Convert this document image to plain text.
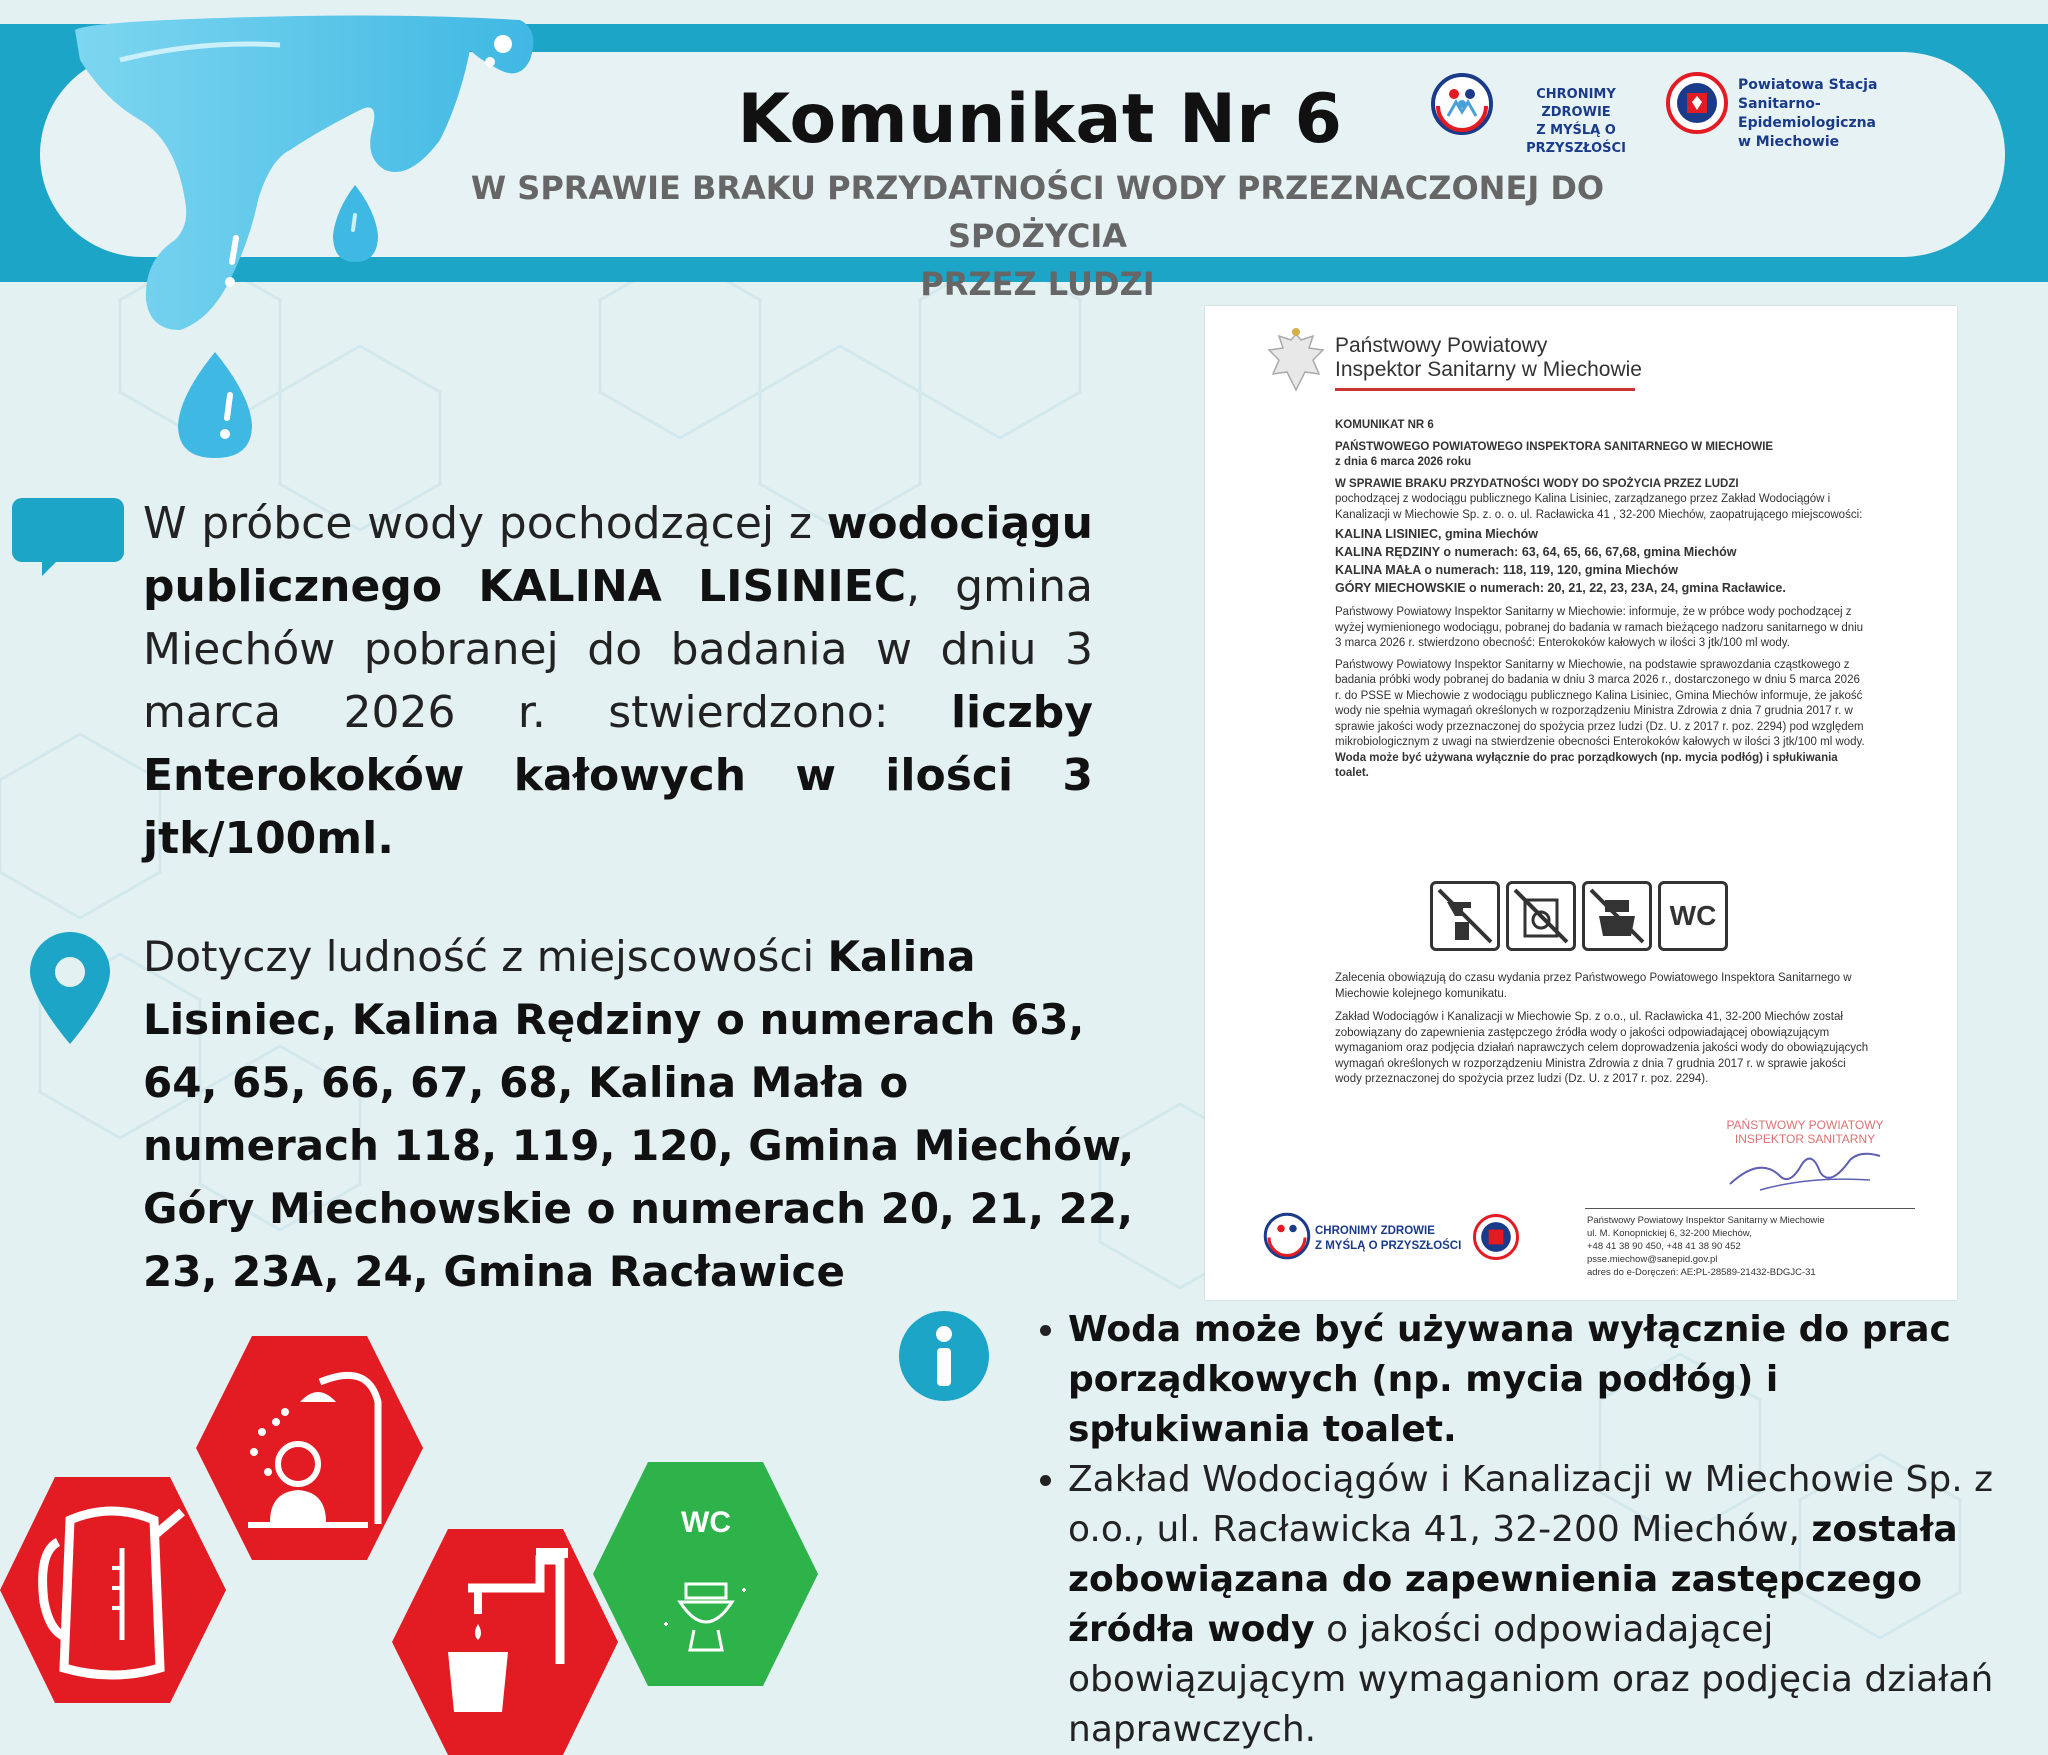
Komunikat Nr 6
W SPRAWIE BRAKU PRZYDATNOŚCI WODY PRZEZNACZONEJ DO SPOŻYCIA
PRZEZ LUDZI
CHRONIMY ZDROWIE
Z MYŚLĄ O PRZYSZŁOŚCI
Powiatowa Stacja
Sanitarno-Epidemiologiczna
w Miechowie
W próbce wody pochodzącej z wodociągu publicznego KALINA LISINIEC, gmina Miechów pobranej do badania w dniu 3 marca 2026 r. stwierdzono: liczby Enterokoków kałowych w ilości 3 jtk/100ml.
Dotyczy ludność z miejscowości Kalina Lisiniec, Kalina Rędziny o numerach 63, 64, 65, 66, 67, 68, Kalina Mała o numerach 118, 119, 120, Gmina Miechów, Góry Miechowskie o numerach 20, 21, 22, 23, 23A, 24, Gmina Racławice
Państwowy Powiatowy
Inspektor Sanitarny w Miechowie

KOMUNIKAT NR 6

PAŃSTWOWEGO POWIATOWEGO INSPEKTORA SANITARNEGO W MIECHOWIE

z dnia 6 marca 2026 roku

W SPRAWIE BRAKU PRZYDATNOŚCI WODY DO SPOŻYCIA PRZEZ LUDZI

pochodzącej z wodociągu publicznego Kalina Lisiniec, zarządzanego przez Zakład Wodociągów i Kanalizacji w Miechowie Sp. z. o. o. ul. Racławicka 41 , 32-200 Miechów, zaopatrującego miejscowości:

KALINA LISINIEC, gmina Miechów
KALINA RĘDZINY o numerach: 63, 64, 65, 66, 67,68, gmina Miechów
KALINA MAŁA o numerach: 118, 119, 120, gmina Miechów
GÓRY MIECHOWSKIE o numerach: 20, 21, 22, 23, 23A, 24, gmina Racławice.

Państwowy Powiatowy Inspektor Sanitarny w Miechowie: informuje, że w próbce wody pochodzącej z wyżej wymienionego wodociągu, pobranej do badania w ramach bieżącego nadzoru sanitarnego w dniu 3 marca 2026 r. stwierdzono obecność: Enterokoków kałowych w ilości 3 jtk/100 ml wody.

Państwowy Powiatowy Inspektor Sanitarny w Miechowie, na podstawie sprawozdania cząstkowego z badania próbki wody pobranej do badania w dniu 3 marca 2026 r., dostarczonego w dniu 5 marca 2026 r. do PSSE w Miechowie z wodociągu publicznego Kalina Lisiniec, Gmina Miechów informuje, że jakość wody nie spełnia wymagań określonych w rozporządzeniu Ministra Zdrowia z dnia 7 grudnia 2017 r. w sprawie jakości wody przeznaczonej do spożycia przez ludzi (Dz. U. z 2017 r. poz. 2294) pod względem mikrobiologicznym z uwagi na stwierdzenie obecności Enterokoków kałowych w ilości 3 jtk/100 ml wody.

Woda może być używana wyłącznie do prac porządkowych (np. mycia podłóg) i spłukiwania toalet.

WC

Zalecenia obowiązują do czasu wydania przez Państwowego Powiatowego Inspektora Sanitarnego w Miechowie kolejnego komunikatu.

Zakład Wodociągów i Kanalizacji w Miechowie Sp. z o.o., ul. Racławicka 41, 32-200 Miechów został zobowiązany do zapewnienia zastępczego źródła wody o jakości odpowiadającej obowiązującym wymaganiom oraz podjęcia działań naprawczych celem doprowadzenia jakości wody do obowiązujących wymagań określonych w rozporządzeniu Ministra Zdrowia z dnia 7 grudnia 2017 r. w sprawie jakości wody przeznaczonej do spożycia przez ludzi (Dz. U. z 2017 r. poz. 2294).

PAŃSTWOWY POWIATOWY
INSPEKTOR SANITARNY
CHRONIMY ZDROWIE
Z MYŚLĄ O PRZYSZŁOŚCI
Państwowy Powiatowy Inspektor Sanitarny w Miechowie
ul. M. Konopnickiej 6, 32-200 Miechów,
+48 41 38 90 450, +48 41 38 90 452
psse.miechow@sanepid.gov.pl
adres do e-Doręczeń: AE:PL-28589-21432-BDGJC-31
• Woda może być używana wyłącznie do prac porządkowych (np. mycia podłóg) i spłukiwania toalet.
• Zakład Wodociągów i Kanalizacji w Miechowie Sp. z o.o., ul. Racławicka 41, 32-200 Miechów, została zobowiązana do zapewnienia zastępczego źródła wody o jakości odpowiadającej obowiązującym wymaganiom oraz podjęcia działań naprawczych.
WC
